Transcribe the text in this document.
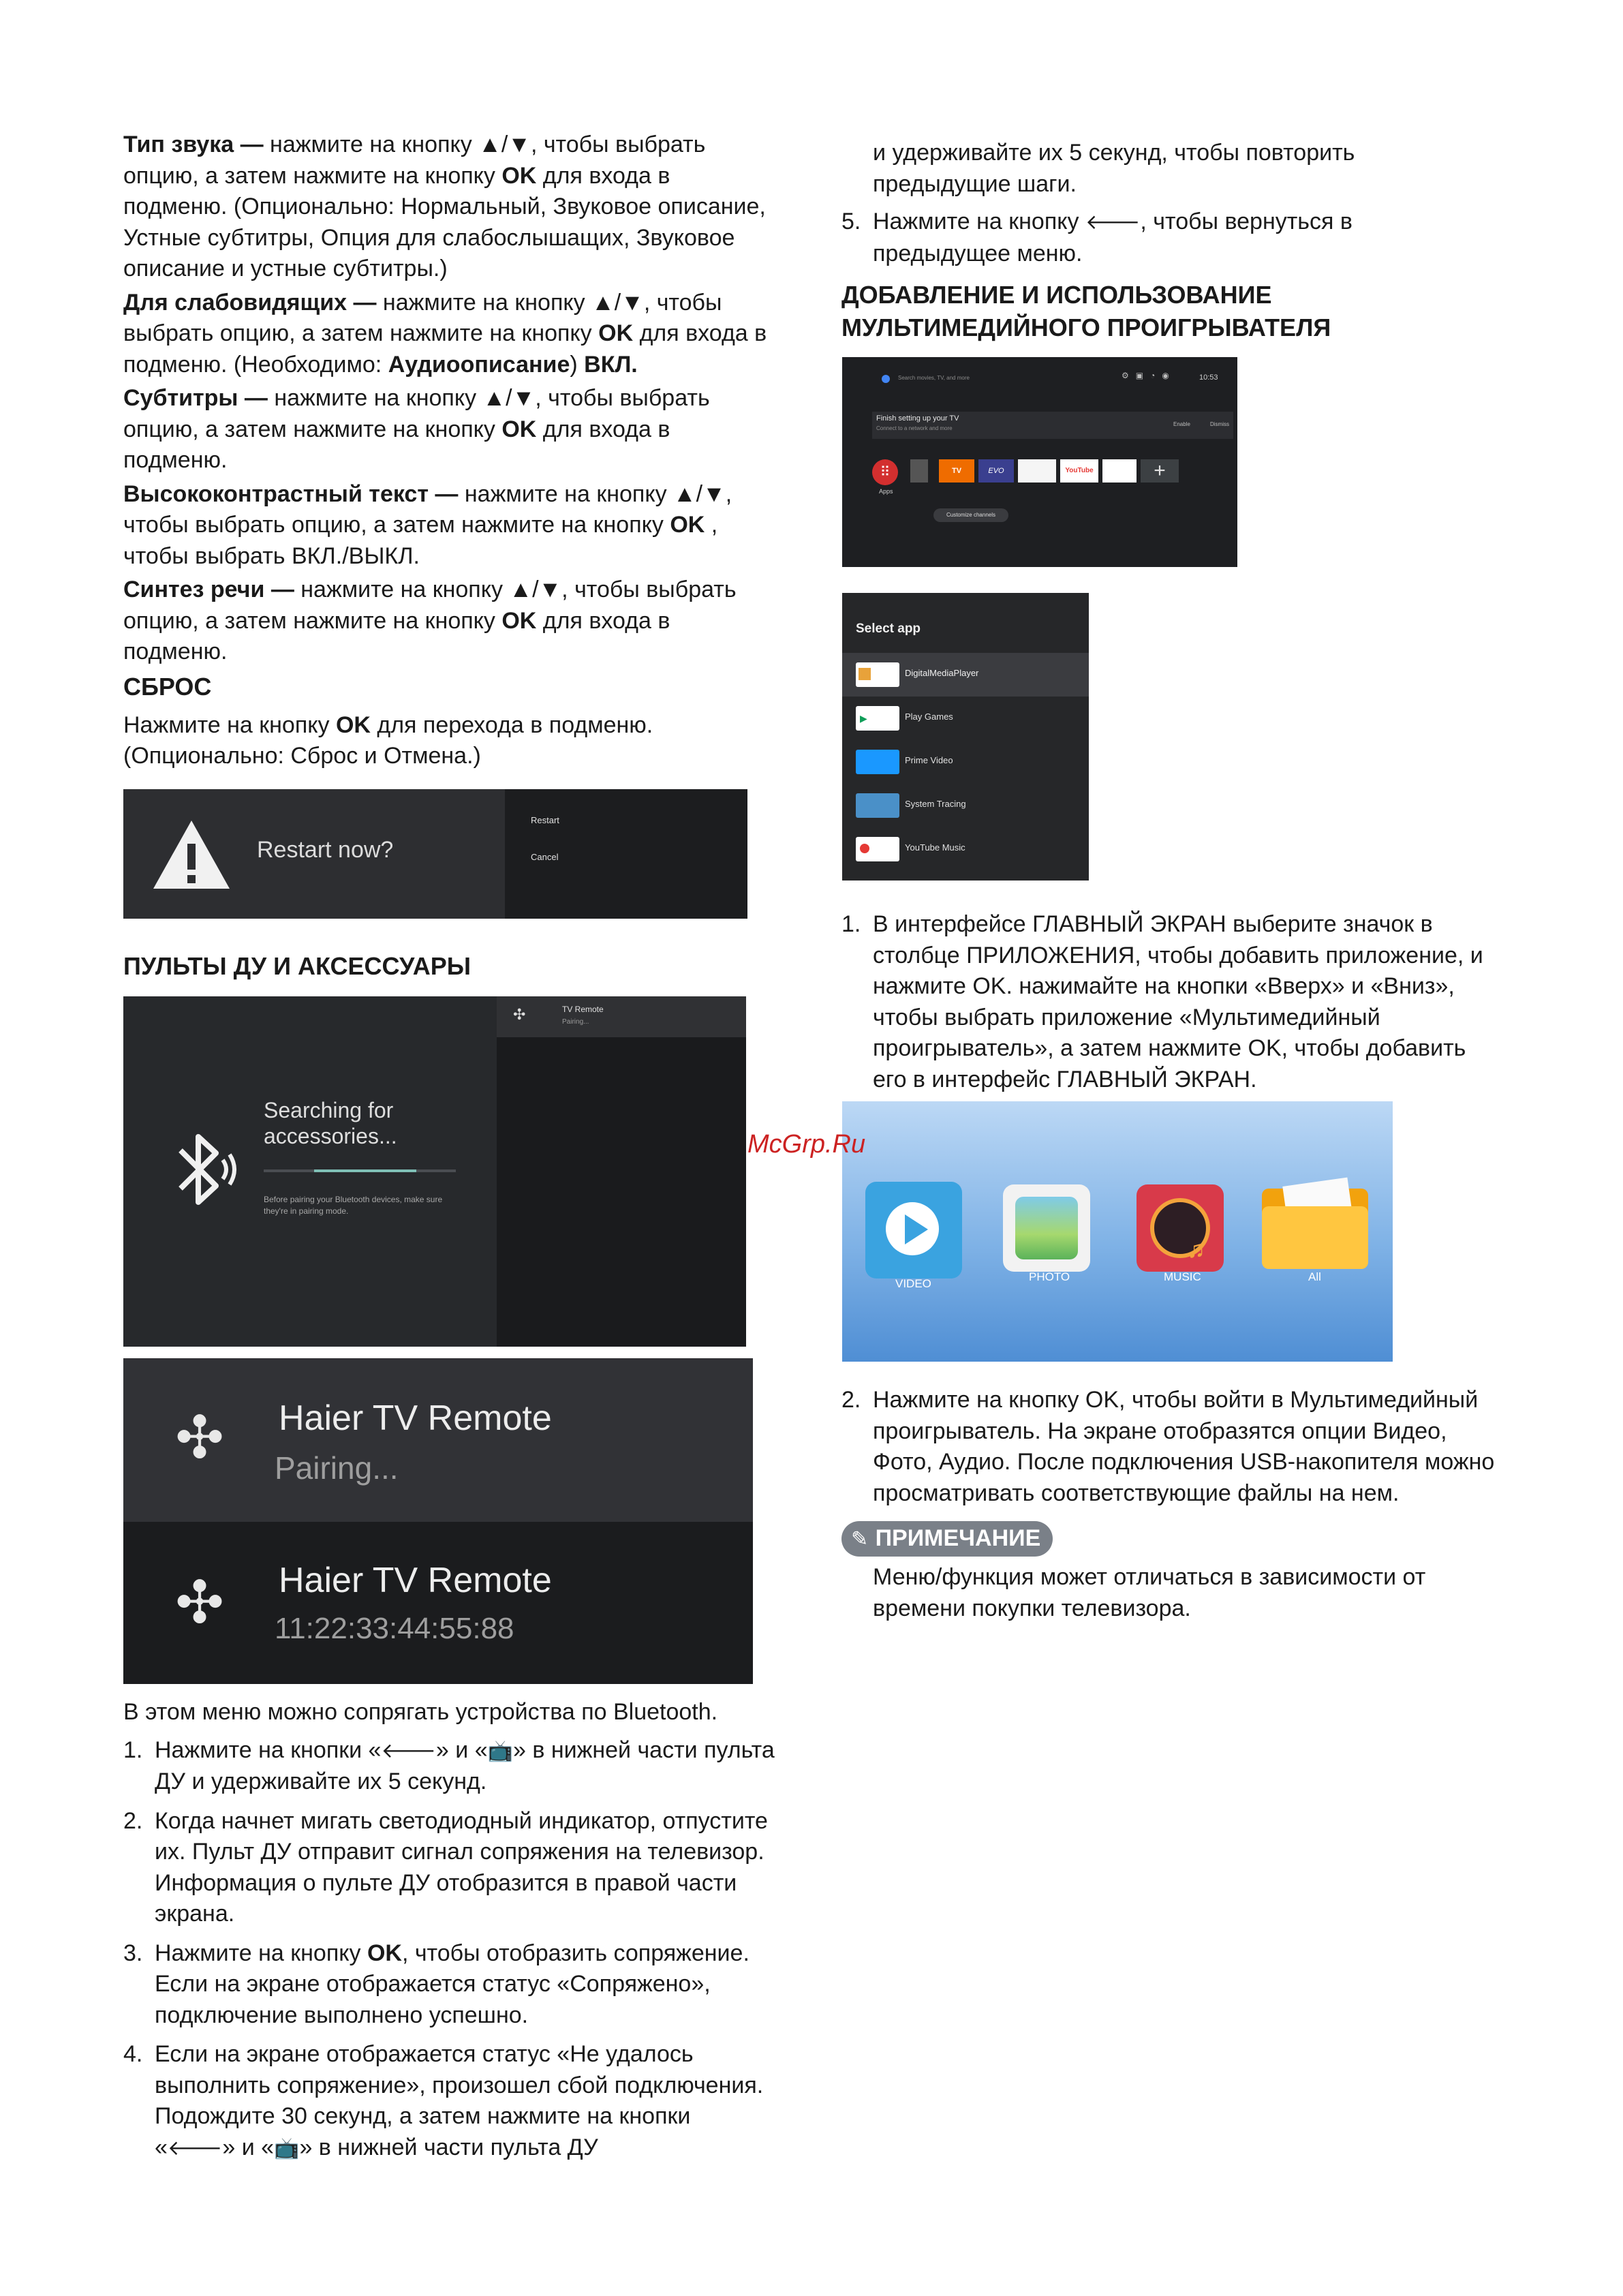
Тип звука — нажмите на кнопку ▲/▼, чтобы выбрать опцию, а затем нажмите на кнопку OK для входа в подменю. (Опционально: Нормальный, Звуковое описание, Устные субтитры, Опция для слабослышащих, Звуковое описание и устные субтитры.)

Для слабовидящих — нажмите на кнопку ▲/▼, чтобы выбрать опцию, а затем нажмите на кнопку OK для входа в подменю. (Необходимо: Аудиоописание) ВКЛ.

Субтитры — нажмите на кнопку ▲/▼, чтобы выбрать опцию, а затем нажмите на кнопку OK для входа в подменю.

Высококонтрастный текст — нажмите на кнопку ▲/▼, чтобы выбрать опцию, а затем нажмите на кнопку OK , чтобы выбрать ВКЛ./ВЫКЛ.

Синтез речи — нажмите на кнопку ▲/▼, чтобы выбрать опцию, а затем нажмите на кнопку OK для входа в подменю.

СБРОС

Нажмите на кнопку OK для перехода в подменю. (Опционально: Сброс и Отмена.)

Restart now?
Restart
Cancel
ПУЛЬТЫ ДУ И АКСЕССУАРЫ
Searching for accessories...
Before pairing your Bluetooth devices, make sure they're in pairing mode.
✣	TV Remote
Pairing...
✣ Haier TV Remote
Pairing...
✣ Haier TV Remote
11:22:33:44:55:88

В этом меню можно сопрягать устройства по Bluetooth.

1. Нажмите на кнопки «🡐» и «📺» в нижней части пульта ДУ и удерживайте их 5 секунд.
2. Когда начнет мигать светодиодный индикатор, отпустите их. Пульт ДУ отправит сигнал сопряжения на телевизор. Информация о пульте ДУ отобразится в правой части экрана.
3. Нажмите на кнопку OK, чтобы отобразить сопряжение. Если на экране отображается статус «Сопряжено», подключение выполнено успешно.
4. Если на экране отображается статус «Не удалось выполнить сопряжение», произошел сбой подключения. Подождите 30 секунд, а затем нажмите на кнопки «🡐» и «📺» в нижней части пульта ДУ

и удерживайте их 5 секунд, чтобы повторить предыдущие шаги.

5. Нажмите на кнопку 🡐, чтобы вернуться в предыдущее меню.

ДОБАВЛЕНИЕ И ИСПОЛЬЗОВАНИЕ МУЛЬТИМЕДИЙНОГО ПРОИГРЫВАТЕЛЯ

Search movies, TV, and more	10:53
⚙▣◔◉
Finish setting up your TV
Connect to a network and more
Enable	Dismiss
⠿
Apps
TV	EVO	YouTube	+
Customize channels
Select app
DigitalMediaPlayer
▶	Play Games
Prime Video
System Tracing
YouTube Music
1. В интерфейсе ГЛАВНЫЙ ЭКРАН выберите значок в столбце ПРИЛОЖЕНИЯ, чтобы добавить приложение, и нажмите OK. нажимайте на кнопки «Вверх» и «Вниз», чтобы выбрать приложение «Мультимедийный проигрыватель», а затем нажмите OK, чтобы добавить его в интерфейс ГЛАВНЫЙ ЭКРАН.
VIDEO
PHOTO
♫
MUSIC	All
McGrp.Ru
2. Нажмите на кнопку OK, чтобы войти в Мультимедийный проигрыватель. На экране отобразятся опции Видео, Фото, Аудио. После подключения USB-накопителя можно просматривать соответствующие файлы на нем.
✎ ПРИМЕЧАНИЕ

Меню/функция может отличаться в зависимости от времени покупки телевизора.
